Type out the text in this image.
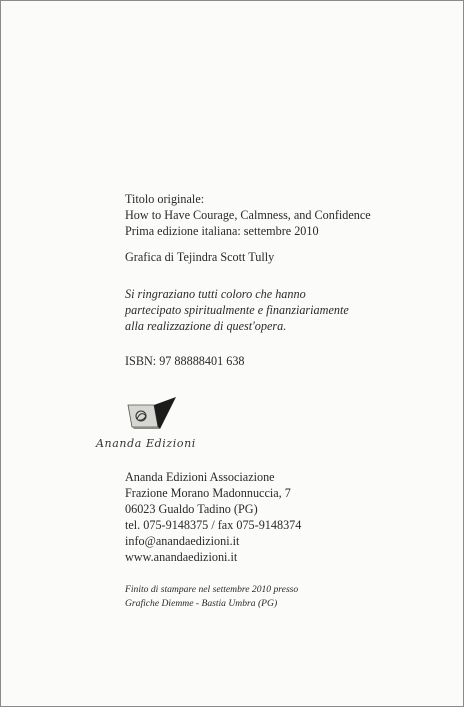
Titolo originale:
How to Have Courage, Calmness, and Confidence
Prima edizione italiana: settembre 2010
Grafica di Tejindra Scott Tully
Si ringraziano tutti coloro che hanno
partecipato spiritualmente e finanziariamente
alla realizzazione di quest'opera.
ISBN: 97 88888401 638
Ananda Edizioni
Ananda Edizioni Associazione
Frazione Morano Madonnuccia, 7
06023 Gualdo Tadino (PG)
tel. 075-9148375 / fax 075-9148374
info@anandaedizioni.it
www.anandaedizioni.it
Finito di stampare nel settembre 2010 presso
Grafiche Diemme - Bastia Umbra (PG)
